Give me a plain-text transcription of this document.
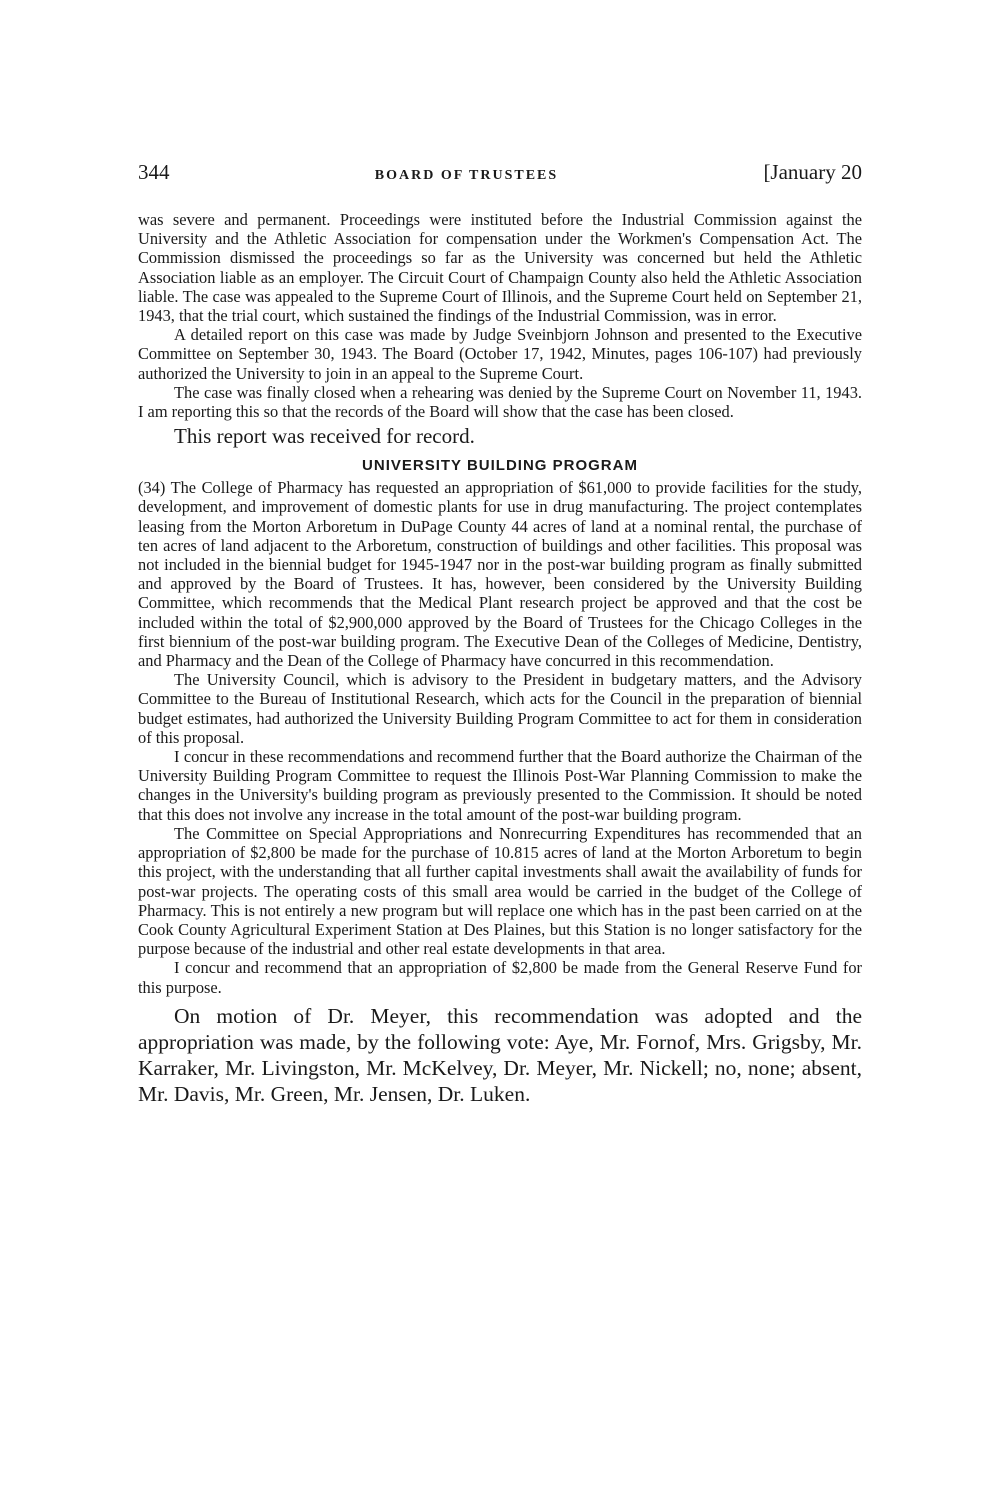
344	BOARD OF TRUSTEES	[January 20

was severe and permanent. Proceedings were instituted before the Industrial Commission against the University and the Athletic Association for compensation under the Workmen's Compensation Act. The Commission dismissed the proceedings so far as the University was concerned but held the Athletic Association liable as an employer. The Circuit Court of Champaign County also held the Athletic Association liable. The case was appealed to the Supreme Court of Illinois, and the Supreme Court held on September 21, 1943, that the trial court, which sustained the findings of the Industrial Commission, was in error.

A detailed report on this case was made by Judge Sveinbjorn Johnson and presented to the Executive Committee on September 30, 1943. The Board (October 17, 1942, Minutes, pages 106-107) had previously authorized the University to join in an appeal to the Supreme Court.

The case was finally closed when a rehearing was denied by the Supreme Court on November 11, 1943. I am reporting this so that the records of the Board will show that the case has been closed.

This report was received for record.
UNIVERSITY BUILDING PROGRAM

(34) The College of Pharmacy has requested an appropriation of $61,000 to provide facilities for the study, development, and improvement of domestic plants for use in drug manufacturing. The project contemplates leasing from the Morton Arboretum in DuPage County 44 acres of land at a nominal rental, the purchase of ten acres of land adjacent to the Arboretum, construction of buildings and other facilities. This proposal was not included in the biennial budget for 1945-1947 nor in the post-war building program as finally submitted and approved by the Board of Trustees. It has, however, been considered by the University Building Committee, which recommends that the Medical Plant research project be approved and that the cost be included within the total of $2,900,000 approved by the Board of Trustees for the Chicago Colleges in the first biennium of the post-war building program. The Executive Dean of the Colleges of Medicine, Dentistry, and Pharmacy and the Dean of the College of Pharmacy have concurred in this recommendation.

The University Council, which is advisory to the President in budgetary matters, and the Advisory Committee to the Bureau of Institutional Research, which acts for the Council in the preparation of biennial budget estimates, had authorized the University Building Program Committee to act for them in consideration of this proposal.

I concur in these recommendations and recommend further that the Board authorize the Chairman of the University Building Program Committee to request the Illinois Post-War Planning Commission to make the changes in the University's building program as previously presented to the Commission. It should be noted that this does not involve any increase in the total amount of the post-war building program.

The Committee on Special Appropriations and Nonrecurring Expenditures has recommended that an appropriation of $2,800 be made for the purchase of 10.815 acres of land at the Morton Arboretum to begin this project, with the understanding that all further capital investments shall await the availability of funds for post-war projects. The operating costs of this small area would be carried in the budget of the College of Pharmacy. This is not entirely a new program but will replace one which has in the past been carried on at the Cook County Agricultural Experiment Station at Des Plaines, but this Station is no longer satisfactory for the purpose because of the industrial and other real estate developments in that area.

I concur and recommend that an appropriation of $2,800 be made from the General Reserve Fund for this purpose.

On motion of Dr. Meyer, this recommendation was adopted and the appropriation was made, by the following vote: Aye, Mr. Fornof, Mrs. Grigsby, Mr. Karraker, Mr. Livingston, Mr. McKelvey, Dr. Meyer, Mr. Nickell; no, none; absent, Mr. Davis, Mr. Green, Mr. Jensen, Dr. Luken.
